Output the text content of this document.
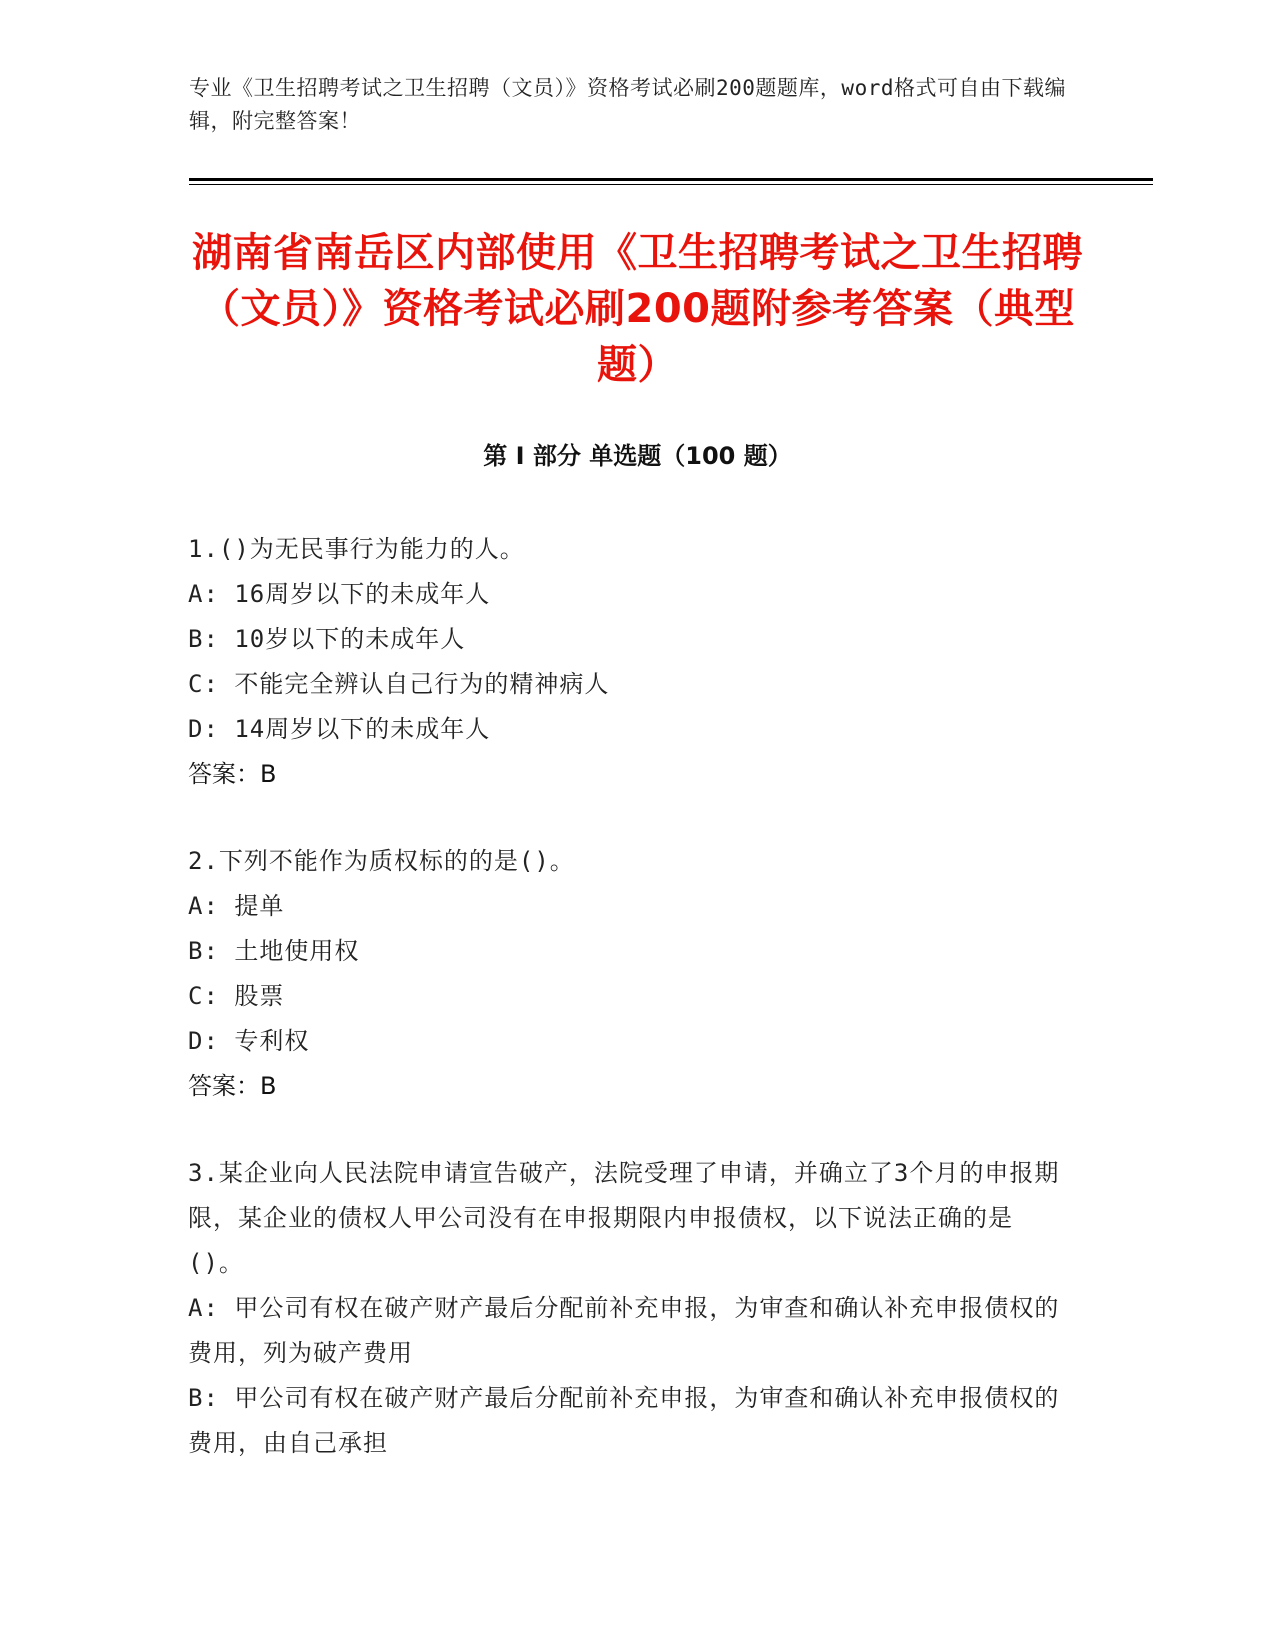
专业《卫生招聘考试之卫生招聘（文员）》资格考试必刷200题题库，word格式可自由下载编辑，附完整答案！
湖南省南岳区内部使用《卫生招聘考试之卫生招聘（文员）》资格考试必刷200题附参考答案（典型题）
第 I 部分 单选题（100 题）
1.()为无民事行为能力的人。
A: 16周岁以下的未成年人
B: 10岁以下的未成年人
C: 不能完全辨认自己行为的精神病人
D: 14周岁以下的未成年人
答案：B
2.下列不能作为质权标的的是()。
A: 提单
B: 土地使用权
C: 股票
D: 专利权
答案：B
3.某企业向人民法院申请宣告破产，法院受理了申请，并确立了3个月的申报期限，某企业的债权人甲公司没有在申报期限内申报债权，以下说法正确的是()。
A: 甲公司有权在破产财产最后分配前补充申报，为审查和确认补充申报债权的费用，列为破产费用
B: 甲公司有权在破产财产最后分配前补充申报，为审查和确认补充申报债权的费用，由自己承担
